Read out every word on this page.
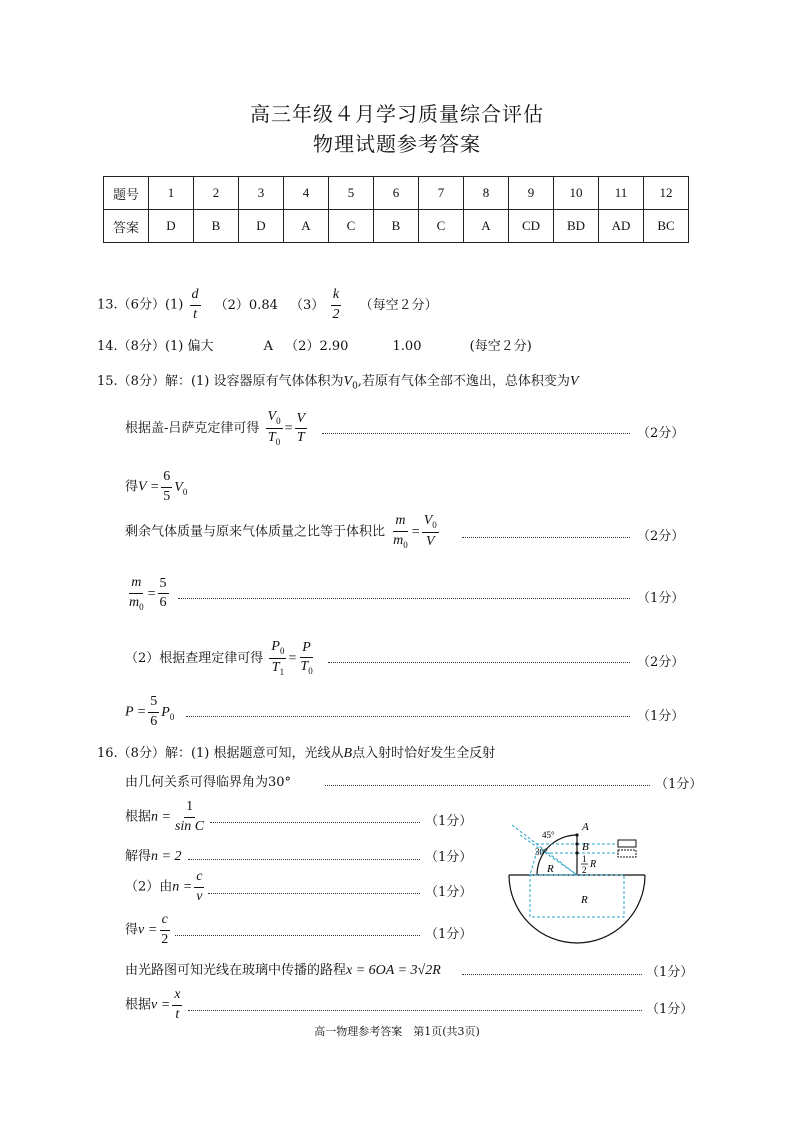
高三年级４月学习质量综合评估
物理试题参考答案
题号	1	2	3	4	5	6	7	8	9	10	11	12
答案	D	B	D	A	C	B	C	A	CD	BD	AD	BC
13.（6分）$(1) \frac{d}{t} (2)0.84$ $(3) \frac{k}{2}$ （每空２分）
14.（8分）(1) 偏大	A （2）2.90	1.00	(每空２分)
15.（8分）解：(1) 设容器原有气体体积为$V_0$,若原有气体全部不逸出，总体积变为V
根据盖-吕萨克定律可得 $\frac{V_0}{T_0} = \frac{V}{T}$	（2分）
得$V = \frac{6}{5} V_0$
剩余气体质量与原来气体质量之比等于体积比 $\frac{m}{m_0} = \frac{V_0}{V}$	（2分）
$\frac{m}{m_0} = \frac{5}{6}$	（1分）
（2）根据查理定律可得 $\frac{P_0}{T_1} = \frac{P}{T_0}$	（2分）
$P = \frac{5}{6} P_0$	（1分）
16.（8分）解：(1) 根据题意可知，光线从B点入射时恰好发生全反射
由几何关系可得临界角为30°	（1分）
根据$n = \frac{1}{\text{sin C}}$	（1分）
解得n = 2	（1分）
（2）由$n = \frac{c}{v}$	（1分）
得$v = \frac{c}{2}$	（1分）
由光路图可知光线在玻璃中传播的路程x = 6OA = 3√2R	（1分）
根据$v = \frac{x}{t}$	（1分）
A
B
45°
30°
1
2 R
R
R
高一物理参考答案　第1页(共3页)
